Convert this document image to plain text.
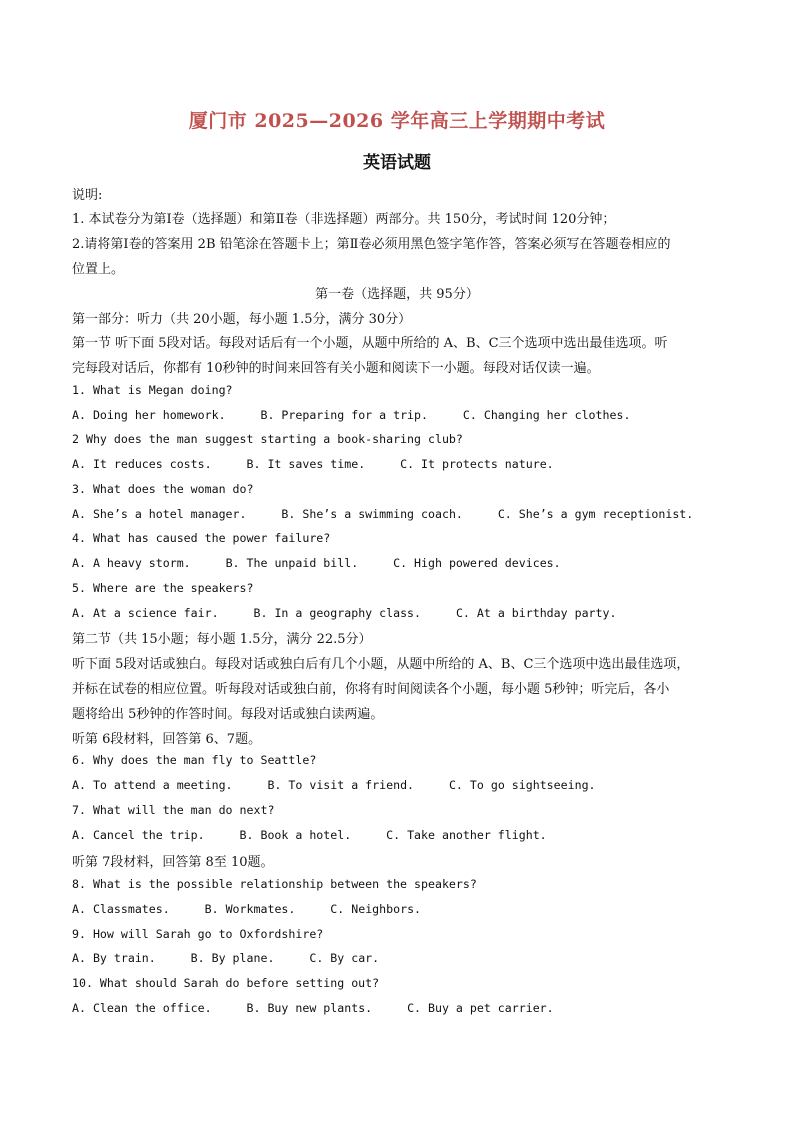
厦门市 2025—2026 学年高三上学期期中考试
英语试题
说明:
1. 本试卷分为第Ⅰ卷（选择题）和第Ⅱ卷（非选择题）两部分。共 150分，考试时间 120分钟；
2.请将第Ⅰ卷的答案用 2B 铅笔涂在答题卡上；第Ⅱ卷必须用黑色签字笔作答，答案必须写在答题卷相应的
位置上。
第一卷（选择题，共 95分）
第一部分：听力（共 20小题，每小题 1.5分，满分 30分）
第一节 听下面 5段对话。每段对话后有一个小题，从题中所给的 A、B、C三个选项中选出最佳选项。听
完每段对话后，你都有 10秒钟的时间来回答有关小题和阅读下一小题。每段对话仅读一遍。
1. What is Megan doing?
A. Doing her homework.	B. Preparing for a trip.	C. Changing her clothes.
2 Why does the man suggest starting a book-sharing club?
A. It reduces costs.	B. It saves time.	C. It protects nature.
3. What does the woman do?
A. She’s a hotel manager.	B. She’s a swimming coach.	C. She’s a gym receptionist.
4. What has caused the power failure?
A. A heavy storm.	B. The unpaid bill.	C. High powered devices.
5. Where are the speakers?
A. At a science fair.	B. In a geography class.	C. At a birthday party.
第二节（共 15小题；每小题 1.5分，满分 22.5分）
听下面 5段对话或独白。每段对话或独白后有几个小题，从题中所给的 A、B、C三个选项中选出最佳选项，
并标在试卷的相应位置。听每段对话或独白前，你将有时间阅读各个小题，每小题 5秒钟；听完后，各小
题将给出 5秒钟的作答时间。每段对话或独白读两遍。
听第 6段材料，回答第 6、7题。
6. Why does the man fly to Seattle?
A. To attend a meeting.	B. To visit a friend.	C. To go sightseeing.
7. What will the man do next?
A. Cancel the trip.	B. Book a hotel.	C. Take another flight.
听第 7段材料，回答第 8至 10题。
8. What is the possible relationship between the speakers?
A. Classmates.	B. Workmates.	C. Neighbors.
9. How will Sarah go to Oxfordshire?
A. By train.	B. By plane.	C. By car.
10. What should Sarah do before setting out?
A. Clean the office.	B. Buy new plants.	C. Buy a pet carrier.
